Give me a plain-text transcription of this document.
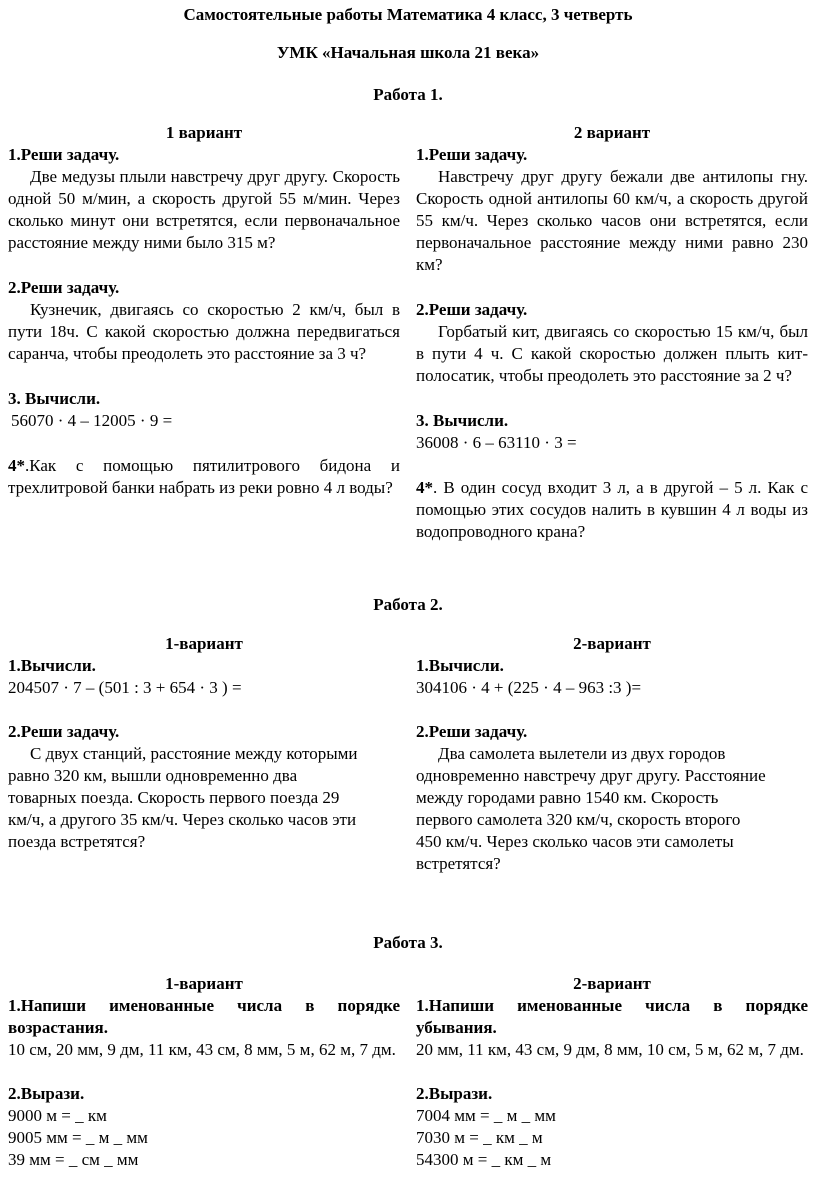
Самостоятельные работы Математика 4 класс, 3 четверть
УМК «Начальная школа 21 века»
Работа 1.
1 вариант
1.Реши задачу.
Две медузы плыли навстречу друг другу. Скорость одной 50 м/мин, а скорость другой 55 м/мин. Через сколько минут они встретятся, если первоначальное расстояние между ними было 315 м?
2.Реши задачу.
Кузнечик, двигаясь со скоростью 2 км/ч, был в пути 18ч. С какой скоростью должна передвигаться саранча, чтобы преодолеть это расстояние за 3 ч?
3. Вычисли.
56070 · 4 – 12005 · 9 =
4*.Как с помощью пятилитрового бидона и трехлитровой банки набрать из реки ровно 4 л воды?
2 вариант
1.Реши задачу.
Навстречу друг другу бежали две антилопы гну. Скорость одной антилопы 60 км/ч, а скорость другой 55 км/ч. Через сколько часов они встретятся, если первоначальное расстояние между ними равно 230 км?
2.Реши задачу.
Горбатый кит, двигаясь со скоростью 15 км/ч, был в пути 4 ч. С какой скоростью должен плыть кит-полосатик, чтобы преодолеть это расстояние за 2 ч?
3. Вычисли.
36008 · 6 – 63110 · 3 =
4*. В один сосуд входит 3 л, а в другой – 5 л. Как с помощью этих сосудов налить в кувшин 4 л воды из водопроводного крана?
Работа 2.
1-вариант
1.Вычисли.
204507 · 7 – (501 : 3 + 654 · 3 ) =
2.Реши задачу.
С двух станций, расстояние между которыми
равно 320 км, вышли одновременно два
товарных поезда. Скорость первого поезда 29
км/ч, а другого 35 км/ч. Через сколько часов эти
поезда встретятся?
2-вариант
1.Вычисли.
304106 · 4 + (225 · 4 – 963 :3 )=
2.Реши задачу.
Два самолета вылетели из двух городов
одновременно навстречу друг другу. Расстояние
между городами равно 1540 км. Скорость
первого самолета 320 км/ч, скорость второго
450 км/ч. Через сколько часов эти самолеты
встретятся?
Работа 3.
1-вариант
1.Напиши именованные числа в порядке возрастания.
10 см, 20 мм, 9 дм, 11 км, 43 см, 8 мм, 5 м, 62 м, 7 дм.
2.Вырази.
9000 м = _ км
9005 мм = _ м _ мм
39 мм = _ см _ мм
2-вариант
1.Напиши именованные числа в порядке убывания.
20 мм, 11 км, 43 см, 9 дм, 8 мм, 10 см, 5 м, 62 м, 7 дм.
2.Вырази.
7004 мм = _ м _ мм
7030 м = _ км _ м
54300 м = _ км _ м
